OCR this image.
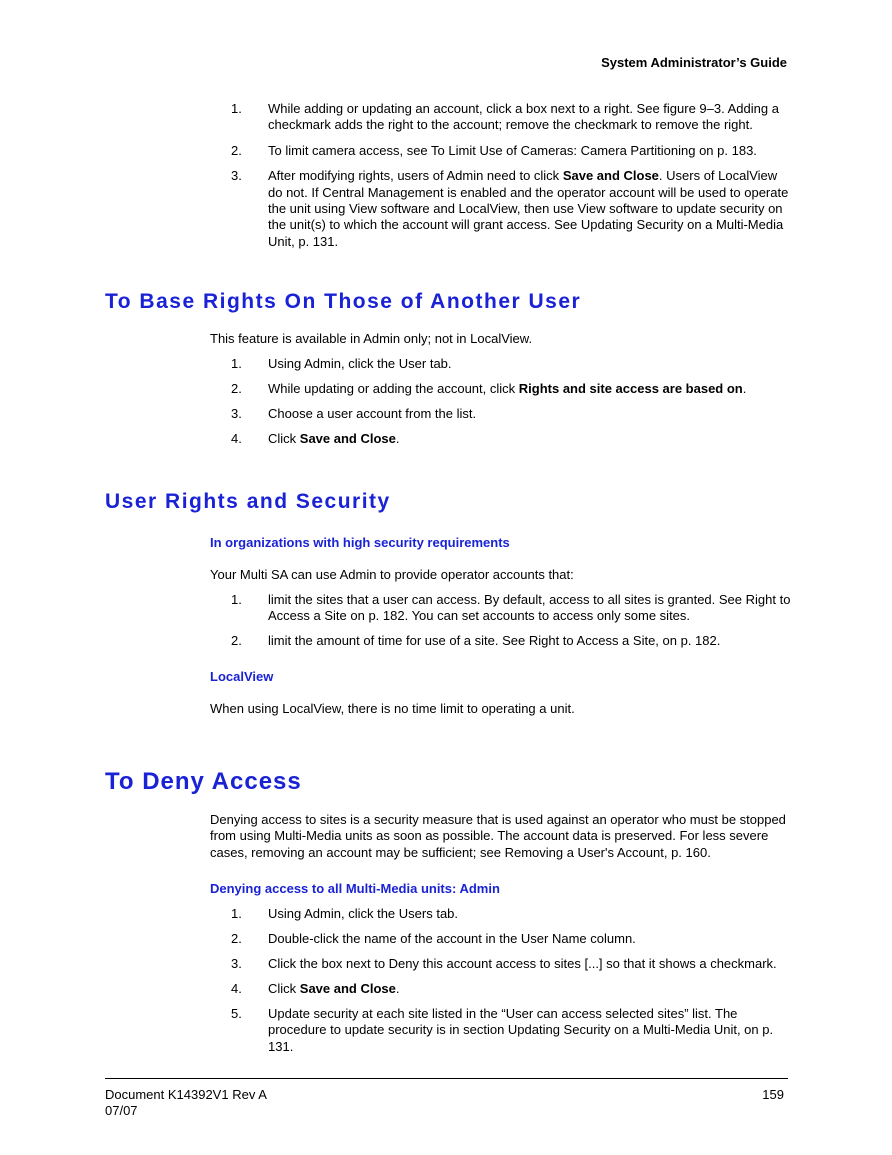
System Administrator’s Guide
1. While adding or updating an account, click a box next to a right. See figure 9–3. Adding a checkmark adds the right to the account; remove the checkmark to remove the right.
2. To limit camera access, see To Limit Use of Cameras: Camera Partitioning on p. 183.
3. After modifying rights, users of Admin need to click Save and Close. Users of LocalView do not. If Central Management is enabled and the operator account will be used to operate the unit using View software and LocalView, then use View software to update security on the unit(s) to which the account will grant access. See Updating Security on a Multi-Media Unit, p. 131.
To Base Rights On Those of Another User
This feature is available in Admin only; not in LocalView.
1. Using Admin, click the User tab.
2. While updating or adding the account, click Rights and site access are based on.
3. Choose a user account from the list.
4. Click Save and Close.
User Rights and Security
In organizations with high security requirements
Your Multi SA can use Admin to provide operator accounts that:
1. limit the sites that a user can access. By default, access to all sites is granted. See Right to Access a Site on p. 182. You can set accounts to access only some sites.
2. limit the amount of time for use of a site. See Right to Access a Site, on p. 182.
LocalView
When using LocalView, there is no time limit to operating a unit.
To Deny Access
Denying access to sites is a security measure that is used against an operator who must be stopped from using Multi-Media units as soon as possible. The account data is preserved. For less severe cases, removing an account may be sufficient; see Removing a User's Account, p. 160.
Denying access to all Multi-Media units: Admin
1. Using Admin, click the Users tab.
2. Double-click the name of the account in the User Name column.
3. Click the box next to Deny this account access to sites [...] so that it shows a checkmark.
4. Click Save and Close.
5. Update security at each site listed in the “User can access selected sites” list. The procedure to update security is in section Updating Security on a Multi-Media Unit, on p. 131.
Document K14392V1 Rev A
07/07
159
